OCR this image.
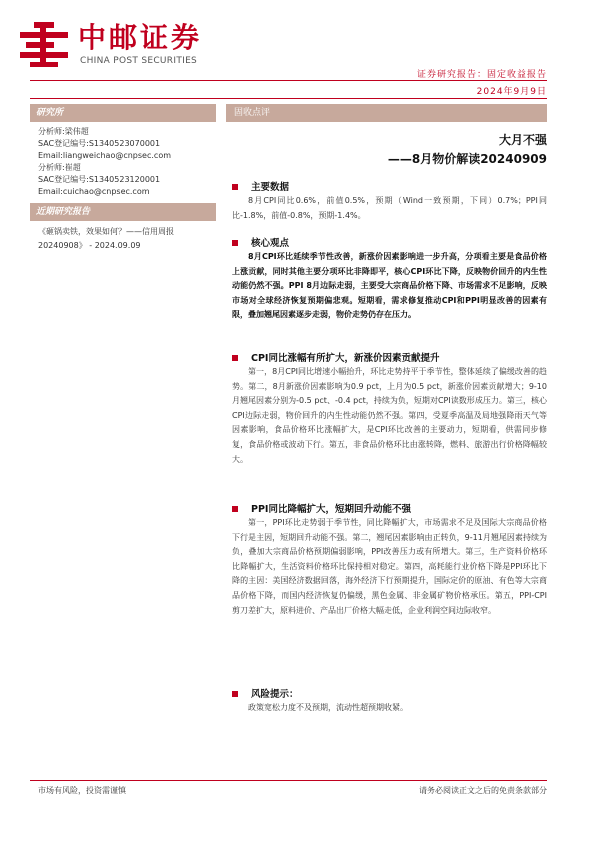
中邮证券
CHINA POST SECURITIES
证券研究报告：固定收益报告
2024年9月9日
研究所
分析师:梁伟超
SAC登记编号:S1340523070001
Email:liangweichao@cnpsec.com
分析师:崔超
SAC登记编号:S1340523120001
Email:cuichao@cnpsec.com
近期研究报告
《砸锅卖铁，效果如何？——信用周报20240908》 - 2024.09.09
固收点评
大月不强
——8月物价解读20240909
主要数据

8月CPI同比0.6%，前值0.5%，预期（Wind一致预期，下同）0.7%；PPI同比-1.8%，前值-0.8%，预期-1.4%。

核心观点

8月CPI环比延续季节性改善，新涨价因素影响进一步升高，分项看主要是食品价格上涨贡献，同时其他主要分项环比非降即平，核心CPI环比下降，反映物价回升的内生性动能仍然不强。PPI 8月边际走弱，主要受大宗商品价格下降、市场需求不足影响，反映市场对全球经济恢复预期偏悲观。短期看，需求修复推动CPI和PPI明显改善的因素有限，叠加翘尾因素逐步走弱，物价走势仍存在压力。

CPI同比涨幅有所扩大，新涨价因素贡献提升

第一，8月CPI同比增速小幅抬升，环比走势持平于季节性，整体延续了偏缓改善的趋势。第二，8月新涨价因素影响为0.9 pct，上月为0.5 pct，新涨价因素贡献增大；9-10月翘尾因素分别为-0.5 pct、-0.4 pct，持续为负，短期对CPI读数形成压力。第三，核心CPI边际走弱，物价回升的内生性动能仍然不强。第四，受夏季高温及局地强降雨天气等因素影响，食品价格环比涨幅扩大，是CPI环比改善的主要动力，短期看，供需同步修复，食品价格或波动下行。第五，非食品价格环比由涨转降，燃料、旅游出行价格降幅较大。

PPI同比降幅扩大，短期回升动能不强

第一，PPI环比走势弱于季节性，同比降幅扩大，市场需求不足及国际大宗商品价格下行是主因，短期回升动能不强。第二，翘尾因素影响由正转负，9-11月翘尾因素持续为负，叠加大宗商品价格预期偏弱影响，PPI改善压力或有所增大。第三，生产资料价格环比降幅扩大，生活资料价格环比保持相对稳定。第四，高耗能行业价格下降是PPI环比下降的主因：美国经济数据回落，海外经济下行预期提升，国际定价的原油、有色等大宗商品价格下降，而国内经济恢复仍偏缓，黑色金属、非金属矿物价格承压。第五，PPI-CPI剪刀差扩大，原料进价、产品出厂价格大幅走低，企业利润空间边际收窄。

风险提示：

政策宽松力度不及预期，流动性超预期收紧。

市场有风险，投资需谨慎	请务必阅读正文之后的免责条款部分
